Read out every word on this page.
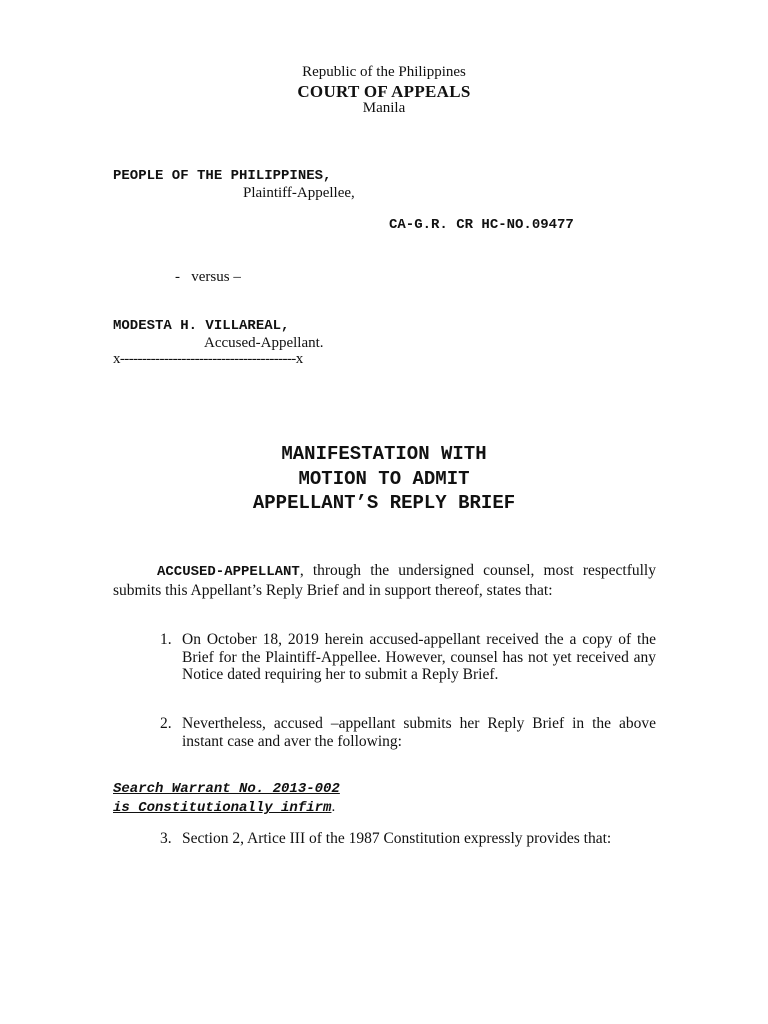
Republic of the Philippines
COURT OF APPEALS
Manila
PEOPLE OF THE PHILIPPINES,
Plaintiff-Appellee,
CA-G.R. CR HC-NO.09477
-   versus –
MODESTA H. VILLAREAL,
Accused-Appellant.
x----------------------------------------x
MANIFESTATION WITH
MOTION TO ADMIT
APPELLANT’S REPLY BRIEF
ACCUSED-APPELLANT, through the undersigned counsel, most respectfully submits this Appellant’s Reply Brief and in support thereof, states that:
1. On October 18, 2019 herein accused-appellant received the a copy of the Brief for the Plaintiff-Appellee. However, counsel has not yet received any Notice dated requiring her to submit a Reply Brief.
2. Nevertheless, accused –appellant submits her Reply Brief in the above instant case and aver the following:
Search Warrant No. 2013-002
is Constitutionally infirm.
3. Section 2, Artice III of the 1987 Constitution expressly provides that:
